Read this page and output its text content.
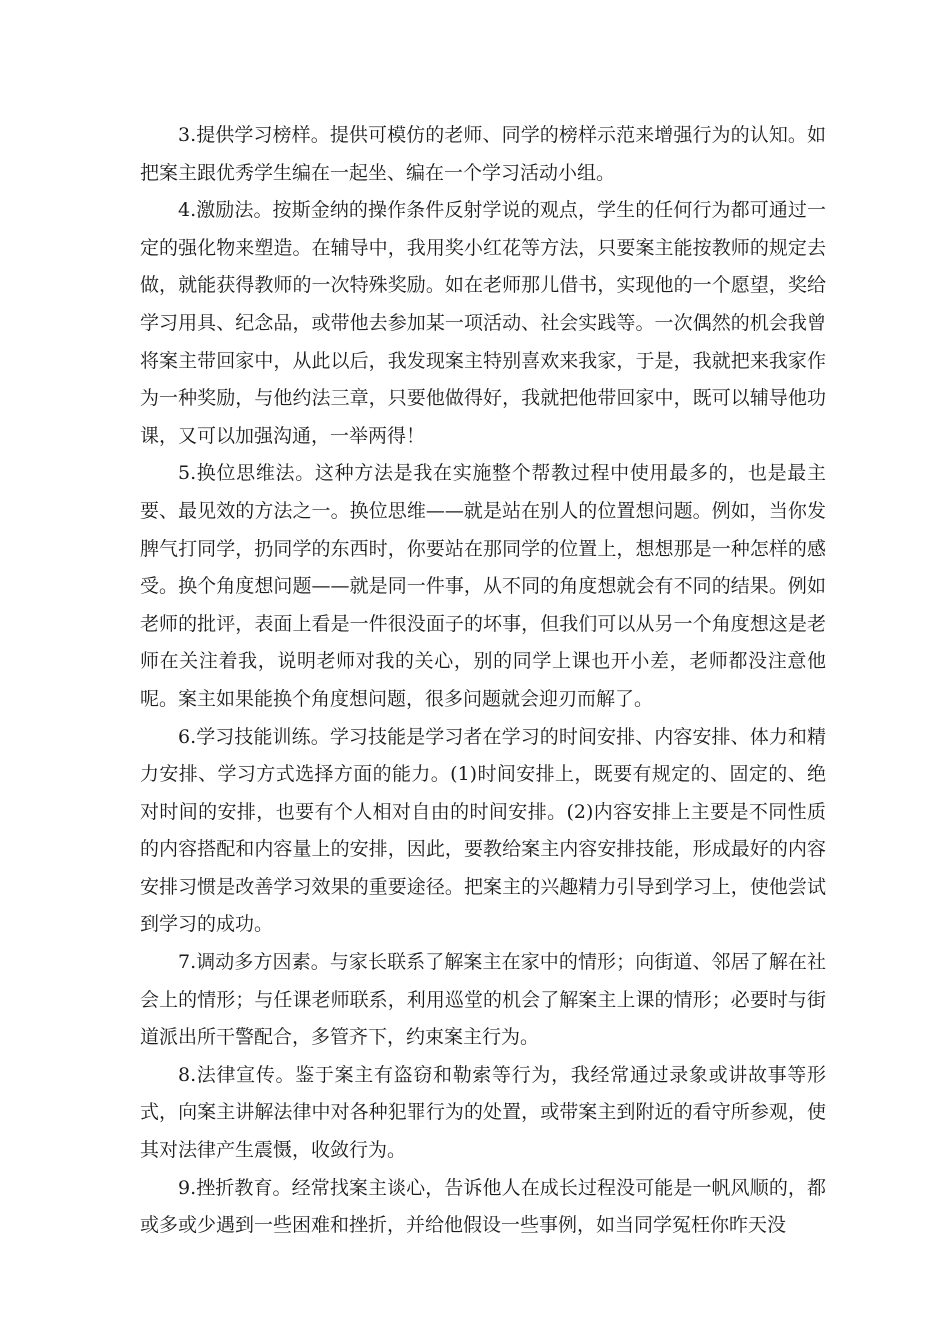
3.提供学习榜样。提供可模仿的老师、同学的榜样示范来增强行为的认知。如把案主跟优秀学生编在一起坐、编在一个学习活动小组。

4.激励法。按斯金纳的操作条件反射学说的观点，学生的任何行为都可通过一定的强化物来塑造。在辅导中，我用奖小红花等方法，只要案主能按教师的规定去做，就能获得教师的一次特殊奖励。如在老师那儿借书，实现他的一个愿望，奖给学习用具、纪念品，或带他去参加某一项活动、社会实践等。一次偶然的机会我曾将案主带回家中，从此以后，我发现案主特别喜欢来我家，于是，我就把来我家作为一种奖励，与他约法三章，只要他做得好，我就把他带回家中，既可以辅导他功课，又可以加强沟通，一举两得！

5.换位思维法。这种方法是我在实施整个帮教过程中使用最多的，也是最主要、最见效的方法之一。换位思维——就是站在别人的位置想问题。例如，当你发脾气打同学，扔同学的东西时，你要站在那同学的位置上，想想那是一种怎样的感受。换个角度想问题——就是同一件事，从不同的角度想就会有不同的结果。例如老师的批评，表面上看是一件很没面子的坏事，但我们可以从另一个角度想这是老师在关注着我，说明老师对我的关心，别的同学上课也开小差，老师都没注意他呢。案主如果能换个角度想问题，很多问题就会迎刃而解了。

6.学习技能训练。学习技能是学习者在学习的时间安排、内容安排、体力和精力安排、学习方式选择方面的能力。(1)时间安排上，既要有规定的、固定的、绝对时间的安排，也要有个人相对自由的时间安排。(2)内容安排上主要是不同性质的内容搭配和内容量上的安排，因此，要教给案主内容安排技能，形成最好的内容安排习惯是改善学习效果的重要途径。把案主的兴趣精力引导到学习上，使他尝试到学习的成功。

7.调动多方因素。与家长联系了解案主在家中的情形；向街道、邻居了解在社会上的情形；与任课老师联系，利用巡堂的机会了解案主上课的情形；必要时与街道派出所干警配合，多管齐下，约束案主行为。

8.法律宣传。鉴于案主有盗窃和勒索等行为，我经常通过录象或讲故事等形式，向案主讲解法律中对各种犯罪行为的处置，或带案主到附近的看守所参观，使其对法律产生震慑，收敛行为。

9.挫折教育。经常找案主谈心，告诉他人在成长过程没可能是一帆风顺的，都或多或少遇到一些困难和挫折，并给他假设一些事例，如当同学冤枉你昨天没
